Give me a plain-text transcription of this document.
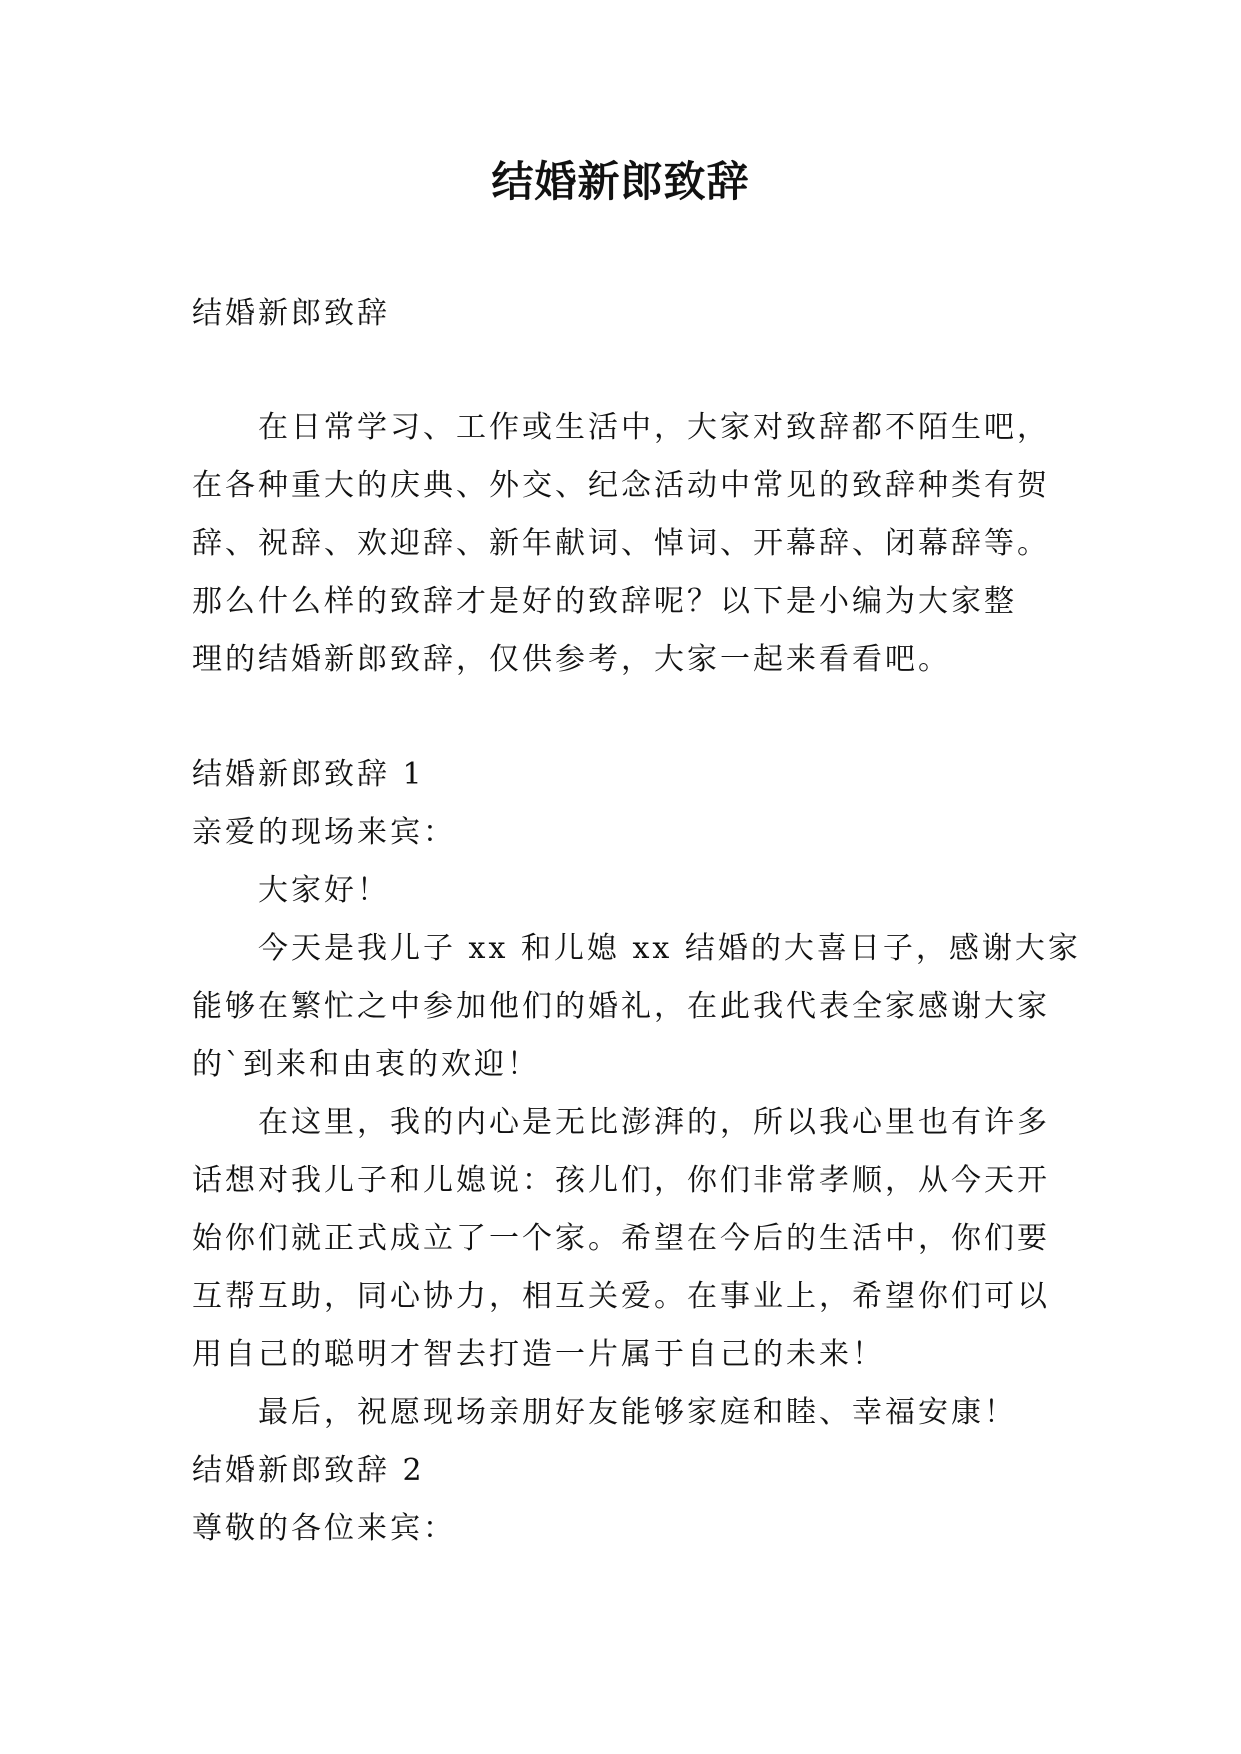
结婚新郎致辞

结婚新郎致辞

在日常学习、工作或生活中，大家对致辞都不陌生吧，

在各种重大的庆典、外交、纪念活动中常见的致辞种类有贺

辞、祝辞、欢迎辞、新年献词、悼词、开幕辞、闭幕辞等。

那么什么样的致辞才是好的致辞呢？以下是小编为大家整

理的结婚新郎致辞，仅供参考，大家一起来看看吧。

结婚新郎致辞 1

亲爱的现场来宾：

大家好！

今天是我儿子 xx 和儿媳 xx 结婚的大喜日子，感谢大家

能够在繁忙之中参加他们的婚礼，在此我代表全家感谢大家

的`到来和由衷的欢迎！

在这里，我的内心是无比澎湃的，所以我心里也有许多

话想对我儿子和儿媳说：孩儿们，你们非常孝顺，从今天开

始你们就正式成立了一个家。希望在今后的生活中，你们要

互帮互助，同心协力，相互关爱。在事业上，希望你们可以

用自己的聪明才智去打造一片属于自己的未来！

最后，祝愿现场亲朋好友能够家庭和睦、幸福安康！

结婚新郎致辞 2

尊敬的各位来宾：
